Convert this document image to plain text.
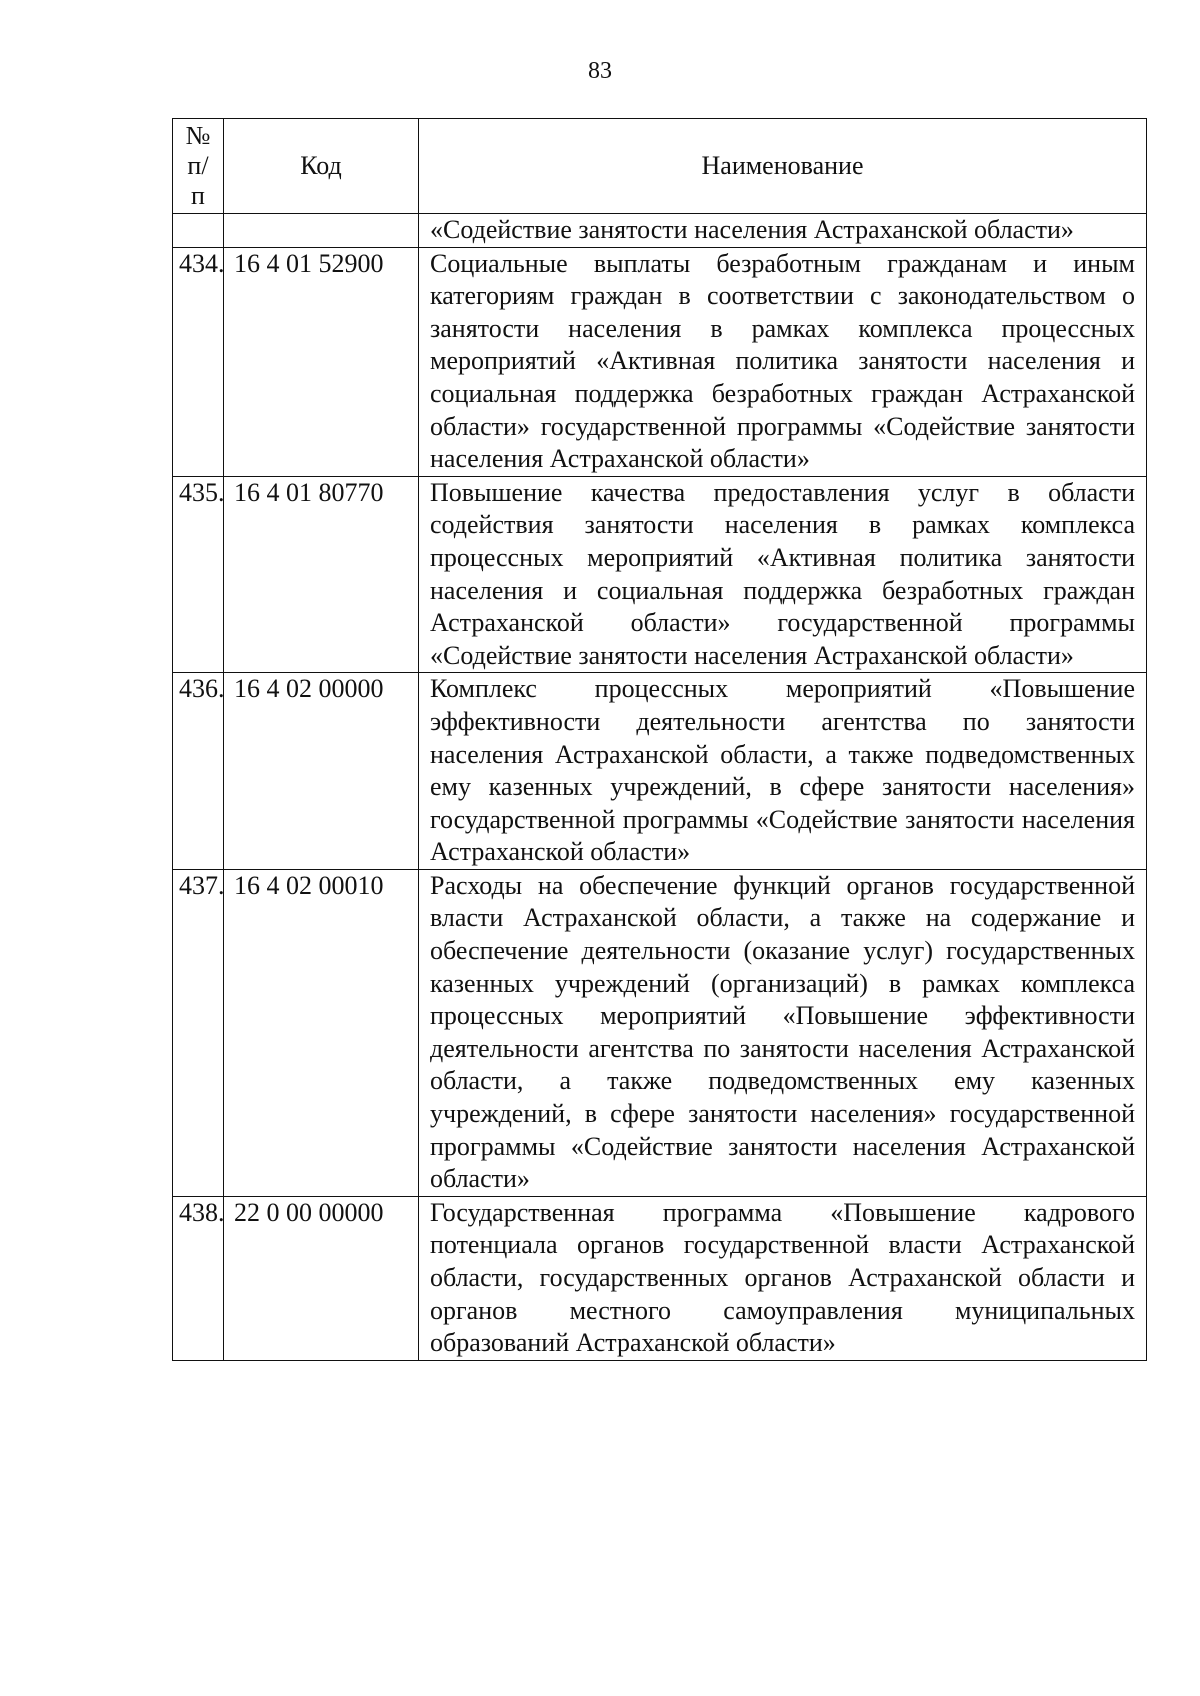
83
№ п/п	Код	Наименование
		«Содействие занятости населения Астраханской области»
434.	16 4 01 52900	Социальные выплаты безработным гражданам и иным категориям граждан в соответствии с законодательством о занятости населения в рамках комплекса процессных мероприятий «Активная политика занятости населения и социальная поддержка безработных граждан Астраханской области» государственной программы «Содействие занятости населения Астраханской области»
435.	16 4 01 80770	Повышение качества предоставления услуг в области содействия занятости населения в рамках комплекса процессных мероприятий «Активная политика занятости населения и социальная поддержка безработных граждан Астраханской области» государственной программы «Содействие занятости населения Астраханской области»
436.	16 4 02 00000	Комплекс процессных мероприятий «Повышение эффективности деятельности агентства по занятости населения Астраханской области, а также подведомственных ему казенных учреждений, в сфере занятости населения» государственной программы «Содействие занятости населения Астраханской области»
437.	16 4 02 00010	Расходы на обеспечение функций органов государственной власти Астраханской области, а также на содержание и обеспечение деятельности (оказание услуг) государственных казенных учреждений (организаций) в рамках комплекса процессных мероприятий «Повышение эффективности деятельности агентства по занятости населения Астраханской области, а также подведомственных ему казенных учреждений, в сфере занятости населения» государственной программы «Содействие занятости населения Астраханской области»
438.	22 0 00 00000	Государственная программа «Повышение кадрового потенциала органов государственной власти Астраханской области, государственных органов Астраханской области и органов местного самоуправления муниципальных образований Астраханской области»
